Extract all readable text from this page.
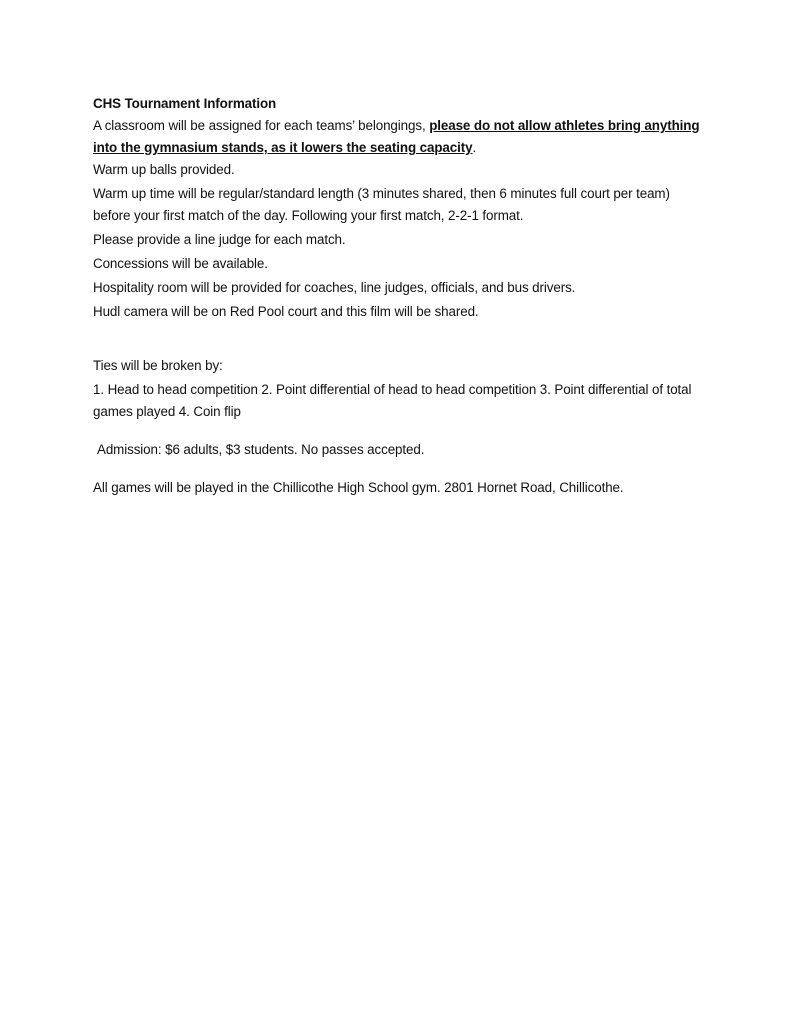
CHS Tournament Information

A classroom will be assigned for each teams’ belongings, please do not allow athletes bring anything into the gymnasium stands, as it lowers the seating capacity.

Warm up balls provided.

Warm up time will be regular/standard length (3 minutes shared, then 6 minutes full court per team) before your first match of the day. Following your first match, 2-2-1 format.

Please provide a line judge for each match.

Concessions will be available.

Hospitality room will be provided for coaches, line judges, officials, and bus drivers.

Hudl camera will be on Red Pool court and this film will be shared.

Ties will be broken by:

1. Head to head competition 2. Point differential of head to head competition 3. Point differential of total games played 4. Coin flip

Admission: $6 adults, $3 students. No passes accepted.

All games will be played in the Chillicothe High School gym. 2801 Hornet Road, Chillicothe.
